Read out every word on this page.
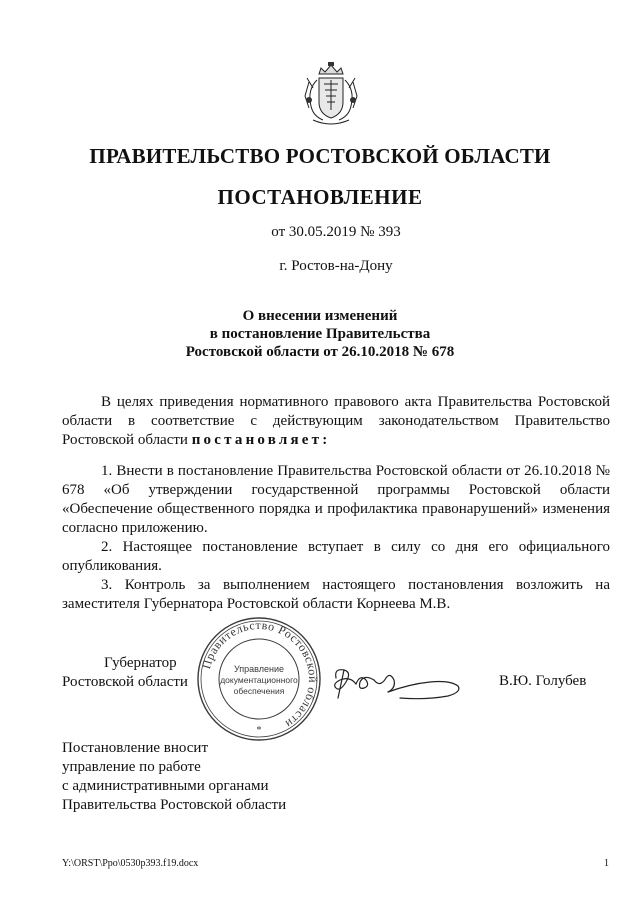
ПРАВИТЕЛЬСТВО РОСТОВСКОЙ ОБЛАСТИ
ПОСТАНОВЛЕНИЕ
от 30.05.2019 № 393
г. Ростов-на-Дону
О внесении изменений
в постановление Правительства
Ростовской области от 26.10.2018 № 678
В целях приведения нормативного правового акта Правительства Ростовской области в соответствие с действующим законодательством Правительство Ростовской области постановляет:

1. Внести в постановление Правительства Ростовской области от 26.10.2018 № 678 «Об утверждении государственной программы Ростовской области «Обеспечение общественного порядка и профилактика правонарушений» изменения согласно приложению.

2. Настоящее постановление вступает в силу со дня его официального опубликования.

3. Контроль за выполнением настоящего постановления возложить на заместителя Губернатора Ростовской области Корнеева М.В.

Губернатор
Ростовской области
Правительство Ростовской области
Управление
документационного
обеспечения
*
В.Ю. Голубев
Постановление вносит
управление по работе
с административными органами
Правительства Ростовской области
Y:\ORST\Ppo\0530p393.f19.docx	1
